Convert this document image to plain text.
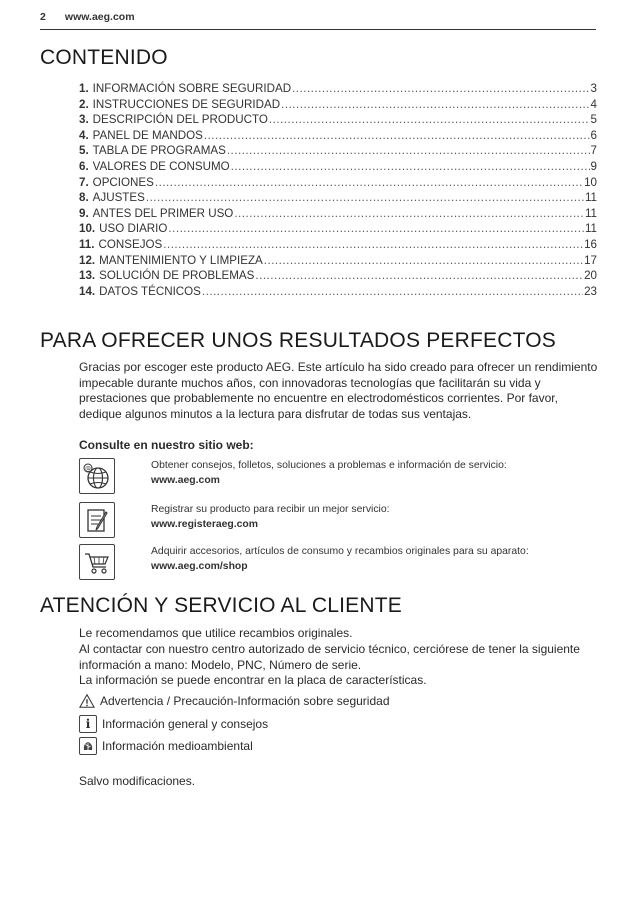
2 www.aeg.com
CONTENIDO
1. INFORMACIÓN SOBRE SEGURIDAD .....	3
2. INSTRUCCIONES DE SEGURIDAD .....	4
3. DESCRIPCIÓN DEL PRODUCTO .....	5
4. PANEL DE MANDOS .....	6
5. TABLA DE PROGRAMAS .....	7
6. VALORES DE CONSUMO .....	9
7. OPCIONES .....	10
8. AJUSTES .....	11
9. ANTES DEL PRIMER USO .....	11
10. USO DIARIO .....	11
11. CONSEJOS .....	16
12. MANTENIMIENTO Y LIMPIEZA .....	17
13. SOLUCIÓN DE PROBLEMAS .....	20
14. DATOS TÉCNICOS .....	23
PARA OFRECER UNOS RESULTADOS PERFECTOS

Gracias por escoger este producto AEG. Este artículo ha sido creado para ofrecer un rendimiento impecable durante muchos años, con innovadoras tecnologías que facilitarán su vida y prestaciones que probablemente no encuentre en electrodomésticos corrientes. Por favor, dedique algunos minutos a la lectura para disfrutar de todas sus ventajas.

Consulte en nuestro sitio web:

@	Obtener consejos, folletos, soluciones a problemas e información de servicio:
www.aeg.com
Registrar su producto para recibir un mejor servicio:
www.registeraeg.com
Adquirir accesorios, artículos de consumo y recambios originales para su aparato:
www.aeg.com/shop
ATENCIÓN Y SERVICIO AL CLIENTE

Le recomendamos que utilice recambios originales.

Al contactar con nuestro centro autorizado de servicio técnico, cerciórese de tener la siguiente información a mano: Modelo, PNC, Número de serie.

La información se puede encontrar en la placa de características.

Advertencia / Precaución-Información sobre seguridad
i Información general y consejos
Información medioambiental

Salvo modificaciones.
